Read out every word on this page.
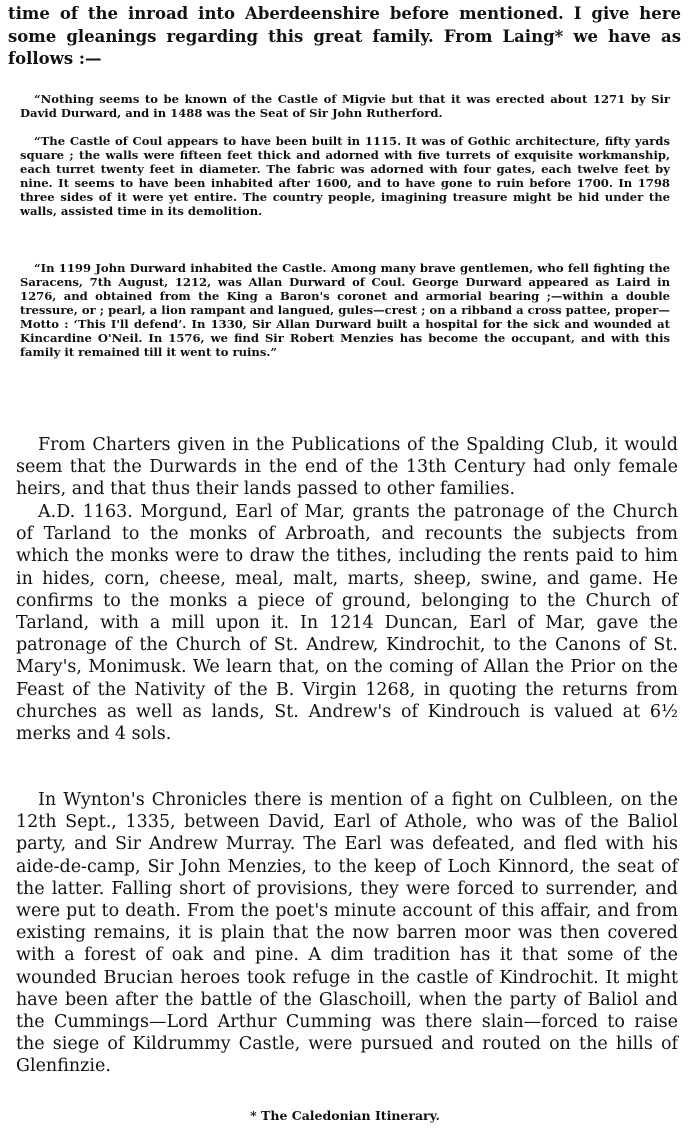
time of the inroad into Aberdeenshire before mentioned. I give here some gleanings regarding this great family. From Laing* we have as follows :—

“Nothing seems to be known of the Castle of Migvie but that it was erected about 1271 by Sir David Durward, and in 1488 was the Seat of Sir John Rutherford.

“The Castle of Coul appears to have been built in 1115. It was of Gothic architecture, fifty yards square ; the walls were fifteen feet thick and adorned with five turrets of exquisite workmanship, each turret twenty feet in diameter. The fabric was adorned with four gates, each twelve feet by nine. It seems to have been inhabited after 1600, and to have gone to ruin before 1700. In 1798 three sides of it were yet entire. The country people, imagining treasure might be hid under the walls, assisted time in its demolition.

“In 1199 John Durward inhabited the Castle. Among many brave gentlemen, who fell fighting the Saracens, 7th August, 1212, was Allan Durward of Coul. George Durward appeared as Laird in 1276, and obtained from the King a Baron's coronet and armorial bearing ;—within a double tressure, or ; pearl, a lion rampant and langued, gules—crest ; on a ribband a cross pattee, proper—Motto : ‘This I'll defend’. In 1330, Sir Allan Durward built a hospital for the sick and wounded at Kincardine O'Neil. In 1576, we find Sir Robert Menzies has become the occupant, and with this family it remained till it went to ruins.”

From Charters given in the Publications of the Spalding Club, it would seem that the Durwards in the end of the 13th Century had only female heirs, and that thus their lands passed to other families.

A.D. 1163. Morgund, Earl of Mar, grants the patronage of the Church of Tarland to the monks of Arbroath, and recounts the subjects from which the monks were to draw the tithes, including the rents paid to him in hides, corn, cheese, meal, malt, marts, sheep, swine, and game. He confirms to the monks a piece of ground, belonging to the Church of Tarland, with a mill upon it. In 1214 Duncan, Earl of Mar, gave the patronage of the Church of St. Andrew, Kindrochit, to the Canons of St. Mary's, Monimusk. We learn that, on the coming of Allan the Prior on the Feast of the Nativity of the B. Virgin 1268, in quoting the returns from churches as well as lands, St. Andrew's of Kindrouch is valued at 6½ merks and 4 sols.

In Wynton's Chronicles there is mention of a fight on Culbleen, on the 12th Sept., 1335, between David, Earl of Athole, who was of the Baliol party, and Sir Andrew Murray. The Earl was defeated, and fled with his aide-de-camp, Sir John Menzies, to the keep of Loch Kinnord, the seat of the latter. Falling short of provisions, they were forced to surrender, and were put to death. From the poet's minute account of this affair, and from existing remains, it is plain that the now barren moor was then covered with a forest of oak and pine. A dim tradition has it that some of the wounded Brucian heroes took refuge in the castle of Kindrochit. It might have been after the battle of the Glaschoill, when the party of Baliol and the Cummings—Lord Arthur Cumming was there slain—forced to raise the siege of Kildrummy Castle, were pursued and routed on the hills of Glenfinzie.

* The Caledonian Itinerary.
